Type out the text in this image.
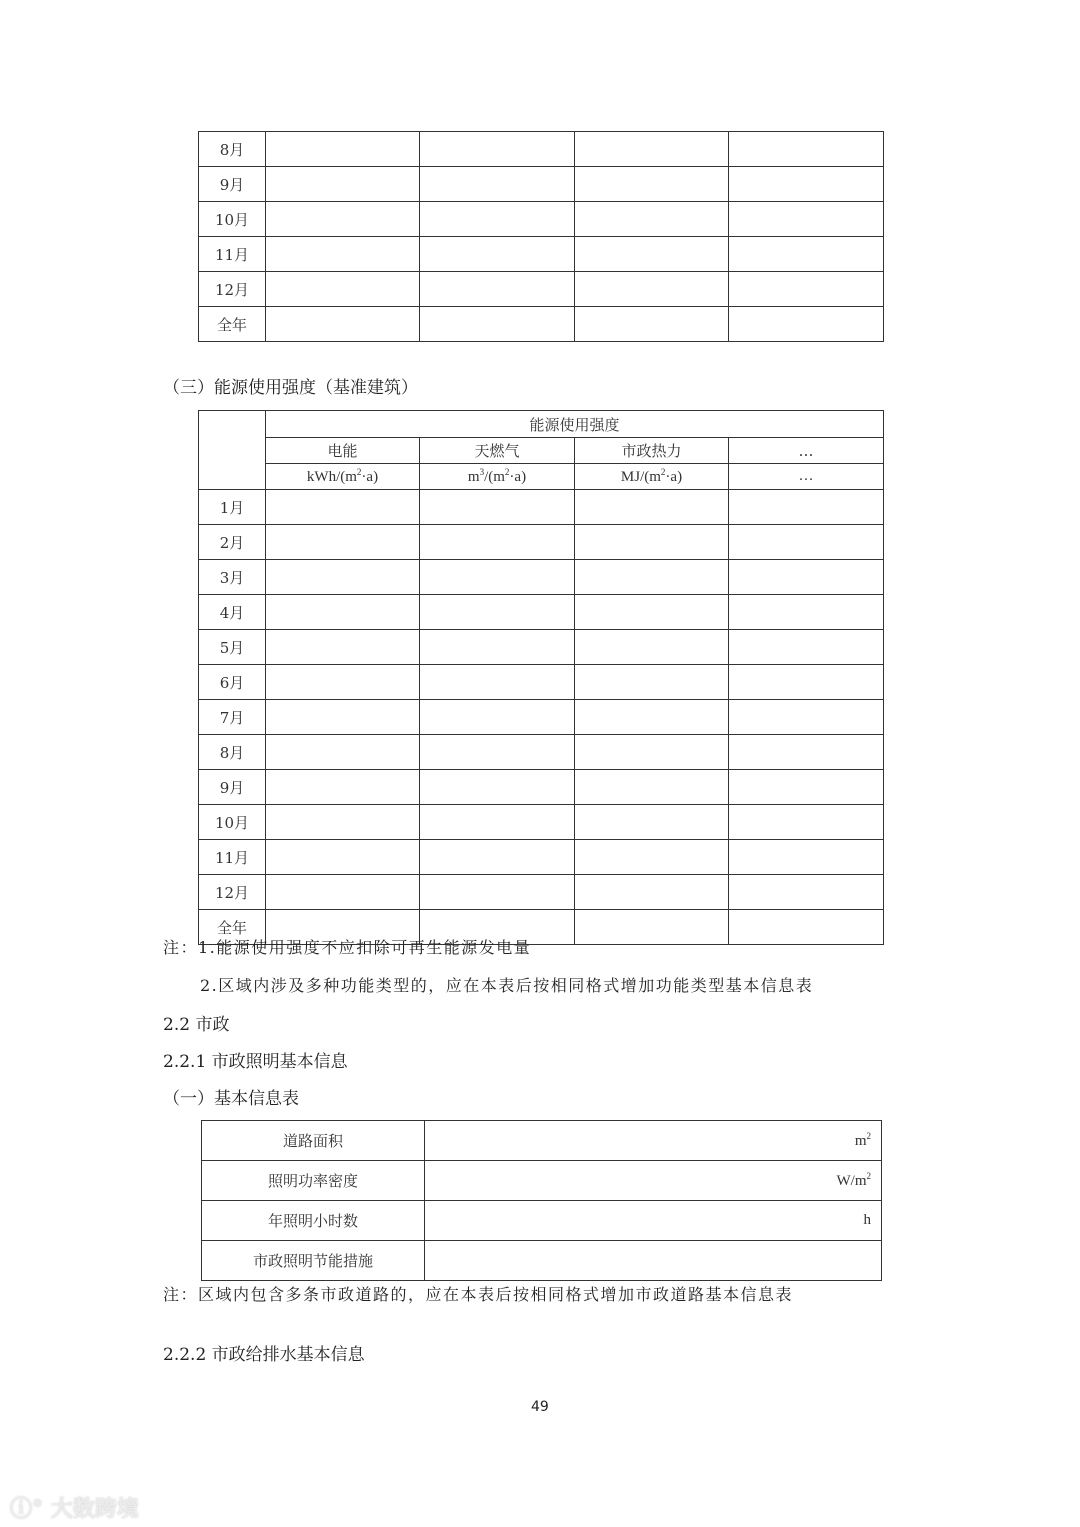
8月				
9月				
10月				
11月				
12月				
全年				
（三）能源使用强度（基准建筑）
	能源使用强度			
	电能	天燃气	市政热力	…
	kWh/$(m^2\cdot a)$	$m^3/(m^2\cdot a)$	$MJ/(m^2\cdot a)$	…
1月				
2月				
3月				
4月				
5月				
6月				
7月				
8月				
9月				
10月				
11月				
12月				
全年				
注：1.能源使用强度不应扣除可再生能源发电量
2.区域内涉及多种功能类型的，应在本表后按相同格式增加功能类型基本信息表
2.2 市政
2.2.1 市政照明基本信息
（一）基本信息表
道路面积	$m^2$
照明功率密度	$W/m^2$
年照明小时数	h
市政照明节能措施	
注：区域内包含多条市政道路的，应在本表后按相同格式增加市政道路基本信息表
2.2.2 市政给排水基本信息
49
ⓘ° 大数跨境
